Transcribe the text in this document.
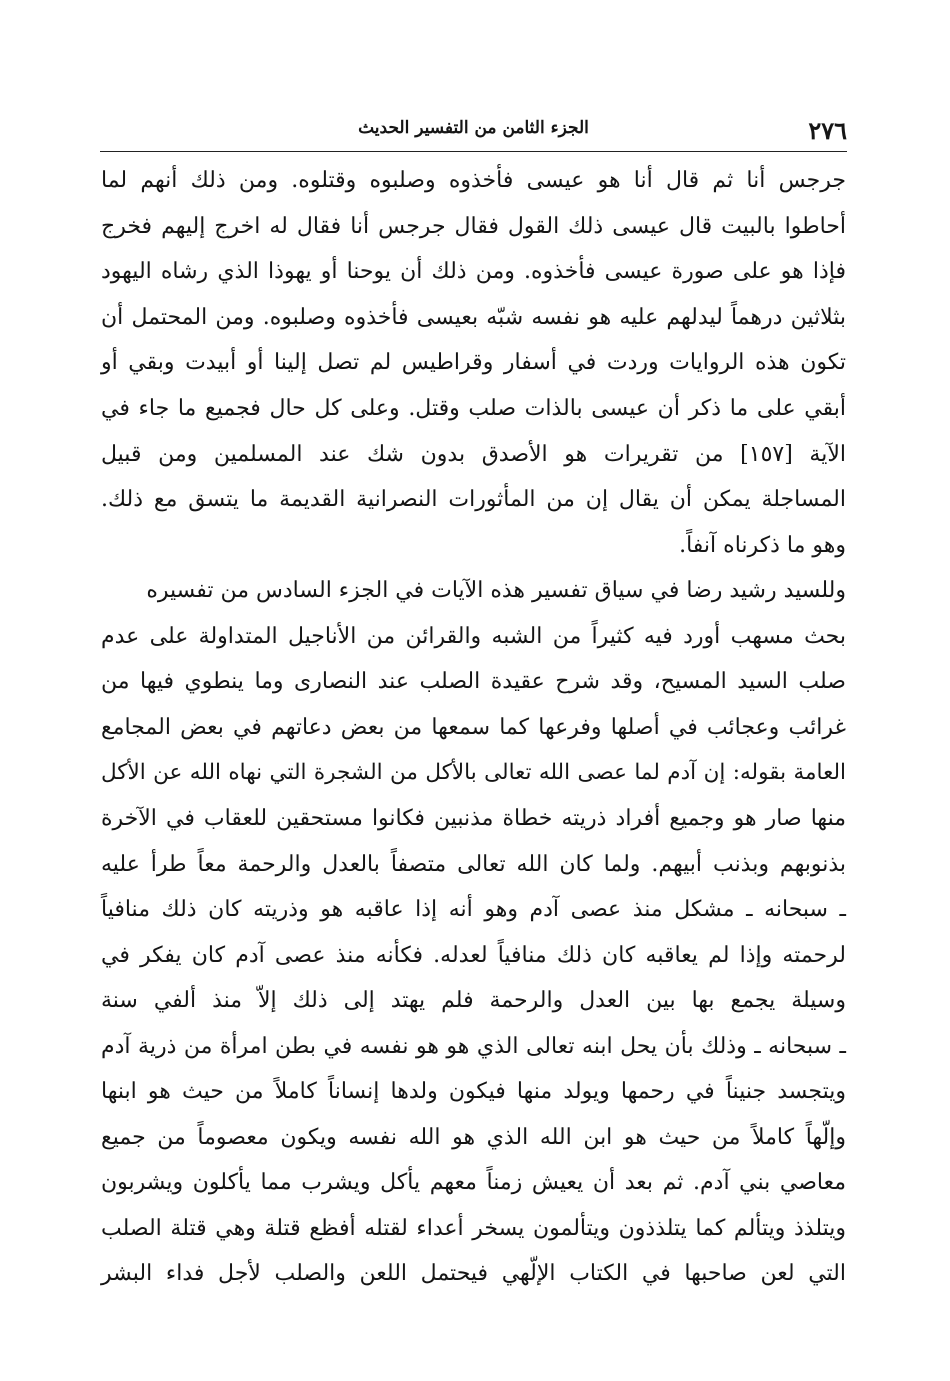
٢٧٦
الجزء الثامن من التفسير الحديث
جرجس أنا ثم قال أنا هو عيسى فأخذوه وصلبوه وقتلوه. ومن ذلك أنهم لما
أحاطوا بالبيت قال عيسى ذلك القول فقال جرجس أنا فقال له اخرج إليهم فخرج
فإذا هو على صورة عيسى فأخذوه. ومن ذلك أن يوحنا أو يهوذا الذي رشاه اليهود
بثلاثين درهماً ليدلهم عليه هو نفسه شبّه بعيسى فأخذوه وصلبوه. ومن المحتمل أن
تكون هذه الروايات وردت في أسفار وقراطيس لم تصل إلينا أو أبيدت وبقي أو
أبقي على ما ذكر أن عيسى بالذات صلب وقتل. وعلى كل حال فجميع ما جاء في
الآية [١٥٧] من تقريرات هو الأصدق بدون شك عند المسلمين ومن قبيل
المساجلة يمكن أن يقال إن من المأثورات النصرانية القديمة ما يتسق مع ذلك.
وهو ما ذكرناه آنفاً.
وللسيد رشيد رضا في سياق تفسير هذه الآيات في الجزء السادس من تفسيره
بحث مسهب أورد فيه كثيراً من الشبه والقرائن من الأناجيل المتداولة على عدم
صلب السيد المسيح، وقد شرح عقيدة الصلب عند النصارى وما ينطوي فيها من
غرائب وعجائب في أصلها وفرعها كما سمعها من بعض دعاتهم في بعض المجامع
العامة بقوله: إن آدم لما عصى الله تعالى بالأكل من الشجرة التي نهاه الله عن الأكل
منها صار هو وجميع أفراد ذريته خطاة مذنبين فكانوا مستحقين للعقاب في الآخرة
بذنوبهم وبذنب أبيهم. ولما كان الله تعالى متصفاً بالعدل والرحمة معاً طرأ عليه
ـ سبحانه ـ مشكل منذ عصى آدم وهو أنه إذا عاقبه هو وذريته كان ذلك منافياً
لرحمته وإذا لم يعاقبه كان ذلك منافياً لعدله. فكأنه منذ عصى آدم كان يفكر في
وسيلة يجمع بها بين العدل والرحمة فلم يهتد إلى ذلك إلاّ منذ ألفي سنة
ـ سبحانه ـ وذلك بأن يحل ابنه تعالى الذي هو هو نفسه في بطن امرأة من ذرية آدم
ويتجسد جنيناً في رحمها ويولد منها فيكون ولدها إنساناً كاملاً من حيث هو ابنها
وإلّهاً كاملاً من حيث هو ابن الله الذي هو الله نفسه ويكون معصوماً من جميع
معاصي بني آدم. ثم بعد أن يعيش زمناً معهم يأكل ويشرب مما يأكلون ويشربون
ويتلذذ ويتألم كما يتلذذون ويتألمون يسخر أعداء لقتله أفظع قتلة وهي قتلة الصلب
التي لعن صاحبها في الكتاب الإلّهي فيحتمل اللعن والصلب لأجل فداء البشر
